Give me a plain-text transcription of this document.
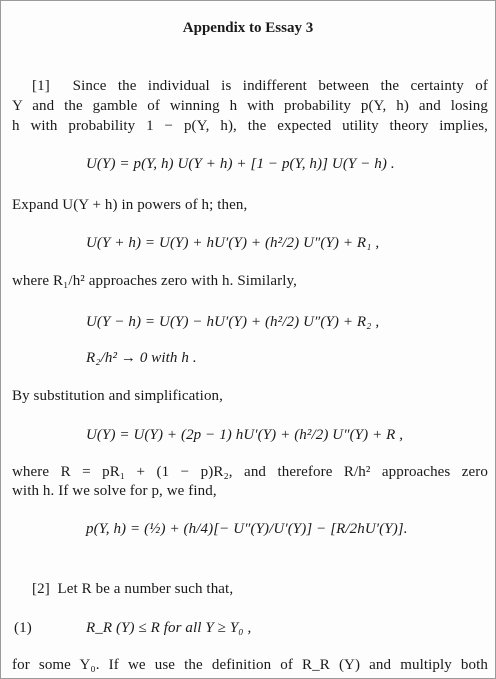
Appendix to Essay 3
[1] Since the individual is indifferent between the certainty of
Y and the gamble of winning h with probability p(Y, h) and losing
h with probability 1 − p(Y, h), the expected utility theory implies,
U(Y) = p(Y, h) U(Y + h) + [1 − p(Y, h)] U(Y − h) .
Expand U(Y + h) in powers of h; then,
U(Y + h) = U(Y) + hU′(Y) + (h²/2) U″(Y) + R₁ ,
where R₁/h² approaches zero with h. Similarly,
U(Y − h) = U(Y) − hU′(Y) + (h²/2) U″(Y) + R₂ ,
R₂/h² → 0 with h .
By substitution and simplification,
U(Y) = U(Y) + (2p − 1) hU′(Y) + (h²/2) U″(Y) + R ,
where R = pR₁ + (1 − p)R₂, and therefore R/h² approaches zero
with h. If we solve for p, we find,
p(Y, h) = (½) + (h/4)[− U″(Y)/U′(Y)] − [R/2hU′(Y)].
[2] Let R be a number such that,
(1)	R_R (Y) ≤ R for all Y ≥ Y₀ ,
for some Y₀. If we use the definition of R_R (Y) and multiply both
